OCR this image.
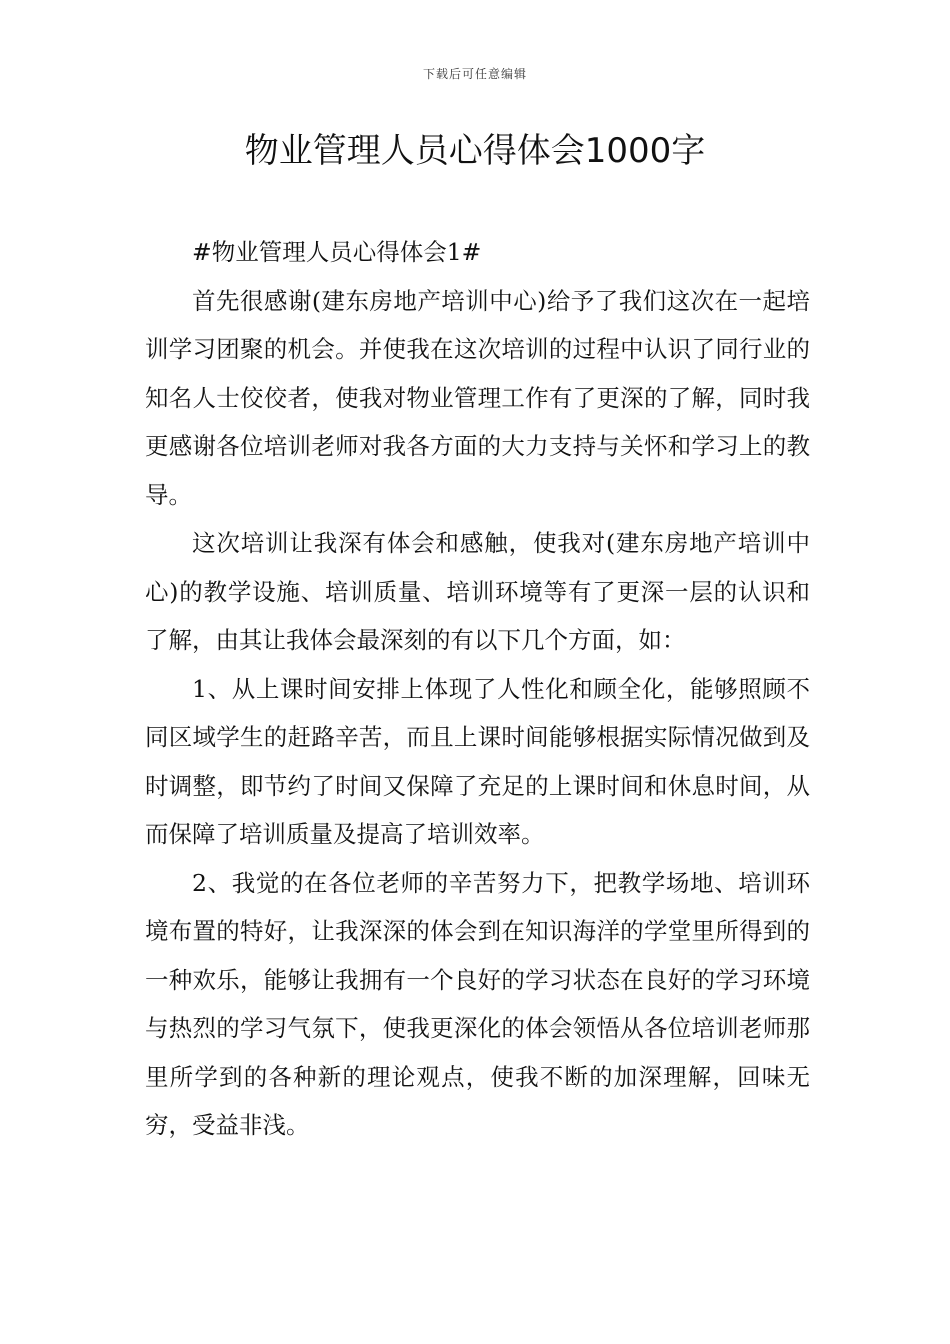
下载后可任意编辑
物业管理人员心得体会1000字

#物业管理人员心得体会1#

首先很感谢(建东房地产培训中心)给予了我们这次在一起培训学习团聚的机会。并使我在这次培训的过程中认识了同行业的知名人士佼佼者，使我对物业管理工作有了更深的了解，同时我更感谢各位培训老师对我各方面的大力支持与关怀和学习上的教导。

这次培训让我深有体会和感触，使我对(建东房地产培训中心)的教学设施、培训质量、培训环境等有了更深一层的认识和了解，由其让我体会最深刻的有以下几个方面，如：

1、从上课时间安排上体现了人性化和顾全化，能够照顾不同区域学生的赶路辛苦，而且上课时间能够根据实际情况做到及时调整，即节约了时间又保障了充足的上课时间和休息时间，从而保障了培训质量及提高了培训效率。

2、我觉的在各位老师的辛苦努力下，把教学场地、培训环境布置的特好，让我深深的体会到在知识海洋的学堂里所得到的一种欢乐，能够让我拥有一个良好的学习状态在良好的学习环境与热烈的学习气氛下，使我更深化的体会领悟从各位培训老师那里所学到的各种新的理论观点，使我不断的加深理解，回味无穷，受益非浅。
